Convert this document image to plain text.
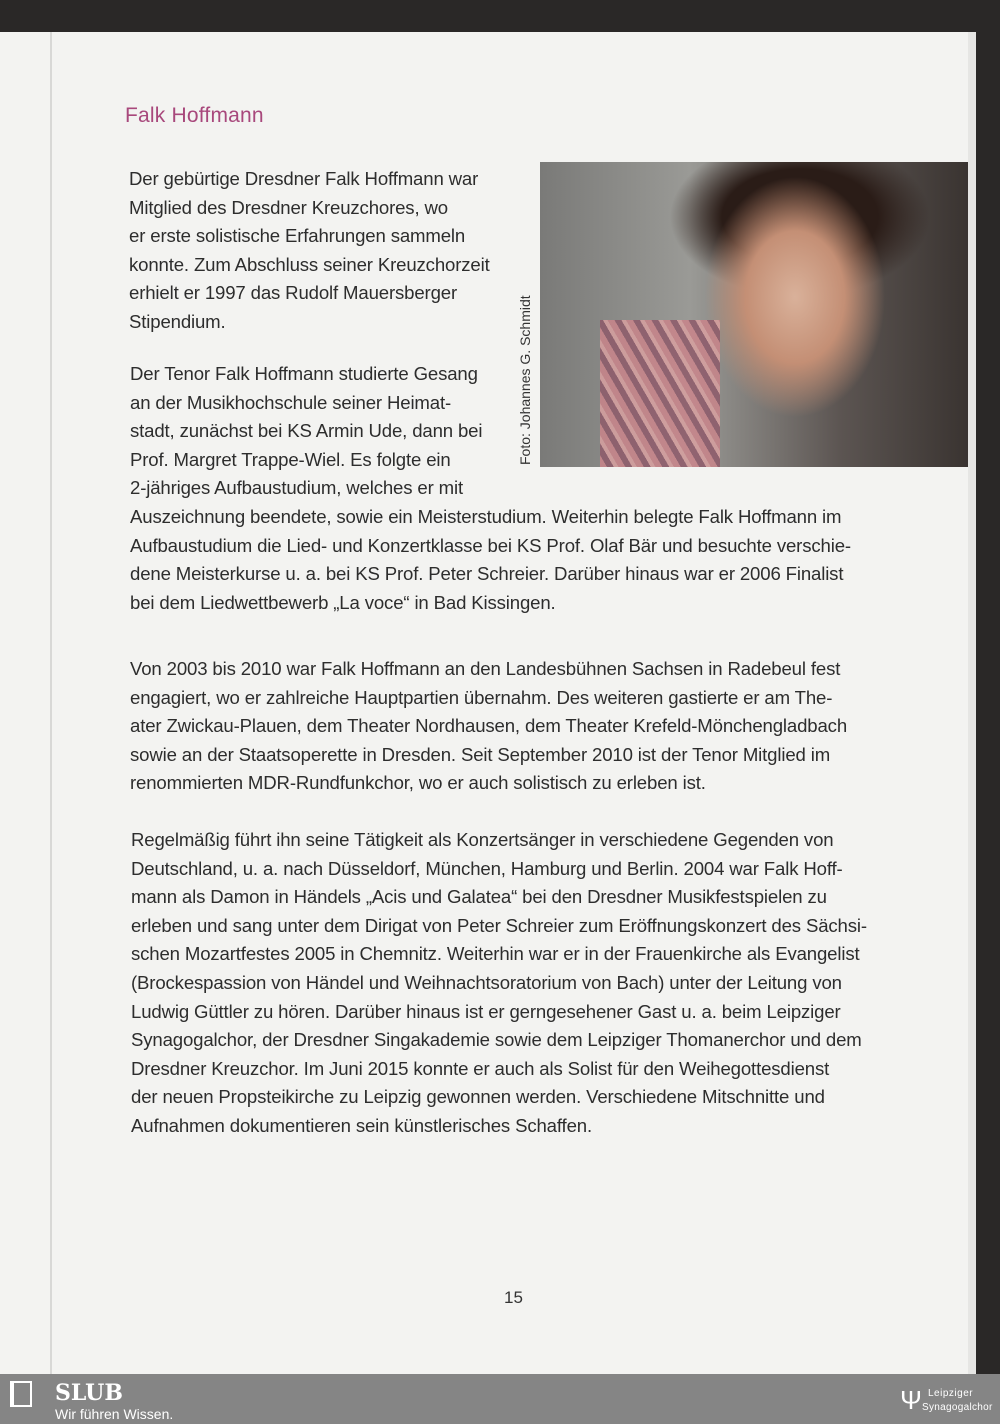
Falk Hoffmann
Foto: Johannes G. Schmidt
Der gebürtige Dresdner Falk Hoffmann war
Mitglied des Dresdner Kreuzchores, wo
er erste solistische Erfahrungen sammeln
konnte. Zum Abschluss seiner Kreuzchorzeit
erhielt er 1997 das Rudolf Mauersberger
Stipendium.
Der Tenor Falk Hoffmann studierte Gesang
an der Musikhochschule seiner Heimat-
stadt, zunächst bei KS Armin Ude, dann bei
Prof. Margret Trappe-Wiel. Es folgte ein
2-jähriges Aufbaustudium, welches er mit
Auszeichnung beendete, sowie ein Meisterstudium. Weiterhin belegte Falk Hoffmann im
Aufbaustudium die Lied- und Konzertklasse bei KS Prof. Olaf Bär und besuchte verschie-
dene Meisterkurse u. a. bei KS Prof. Peter Schreier. Darüber hinaus war er 2006 Finalist
bei dem Liedwettbewerb „La voce“ in Bad Kissingen.
Von 2003 bis 2010 war Falk Hoffmann an den Landesbühnen Sachsen in Radebeul fest
engagiert, wo er zahlreiche Hauptpartien übernahm. Des weiteren gastierte er am The-
ater Zwickau-Plauen, dem Theater Nordhausen, dem Theater Krefeld-Mönchengladbach
sowie an der Staatsoperette in Dresden. Seit September 2010 ist der Tenor Mitglied im
renommierten MDR-Rundfunkchor, wo er auch solistisch zu erleben ist.
Regelmäßig führt ihn seine Tätigkeit als Konzertsänger in verschiedene Gegenden von
Deutschland, u. a. nach Düsseldorf, München, Hamburg und Berlin. 2004 war Falk Hoff-
mann als Damon in Händels „Acis und Galatea“ bei den Dresdner Musikfestspielen zu
erleben und sang unter dem Dirigat von Peter Schreier zum Eröffnungskonzert des Sächsi-
schen Mozartfestes 2005 in Chemnitz. Weiterhin war er in der Frauenkirche als Evangelist
(Brockespassion von Händel und Weihnachtsoratorium von Bach) unter der Leitung von
Ludwig Güttler zu hören. Darüber hinaus ist er gerngesehener Gast u. a. beim Leipziger
Synagogalchor, der Dresdner Singakademie sowie dem Leipziger Thomanerchor und dem
Dresdner Kreuzchor. Im Juni 2015 konnte er auch als Solist für den Weihegottesdienst
der neuen Propsteikirche zu Leipzig gewonnen werden. Verschiedene Mitschnitte und
Aufnahmen dokumentieren sein künstlerisches Schaffen.
15
SLUB
Wir führen Wissen.	Ψ Leipziger
Synagogalchor
